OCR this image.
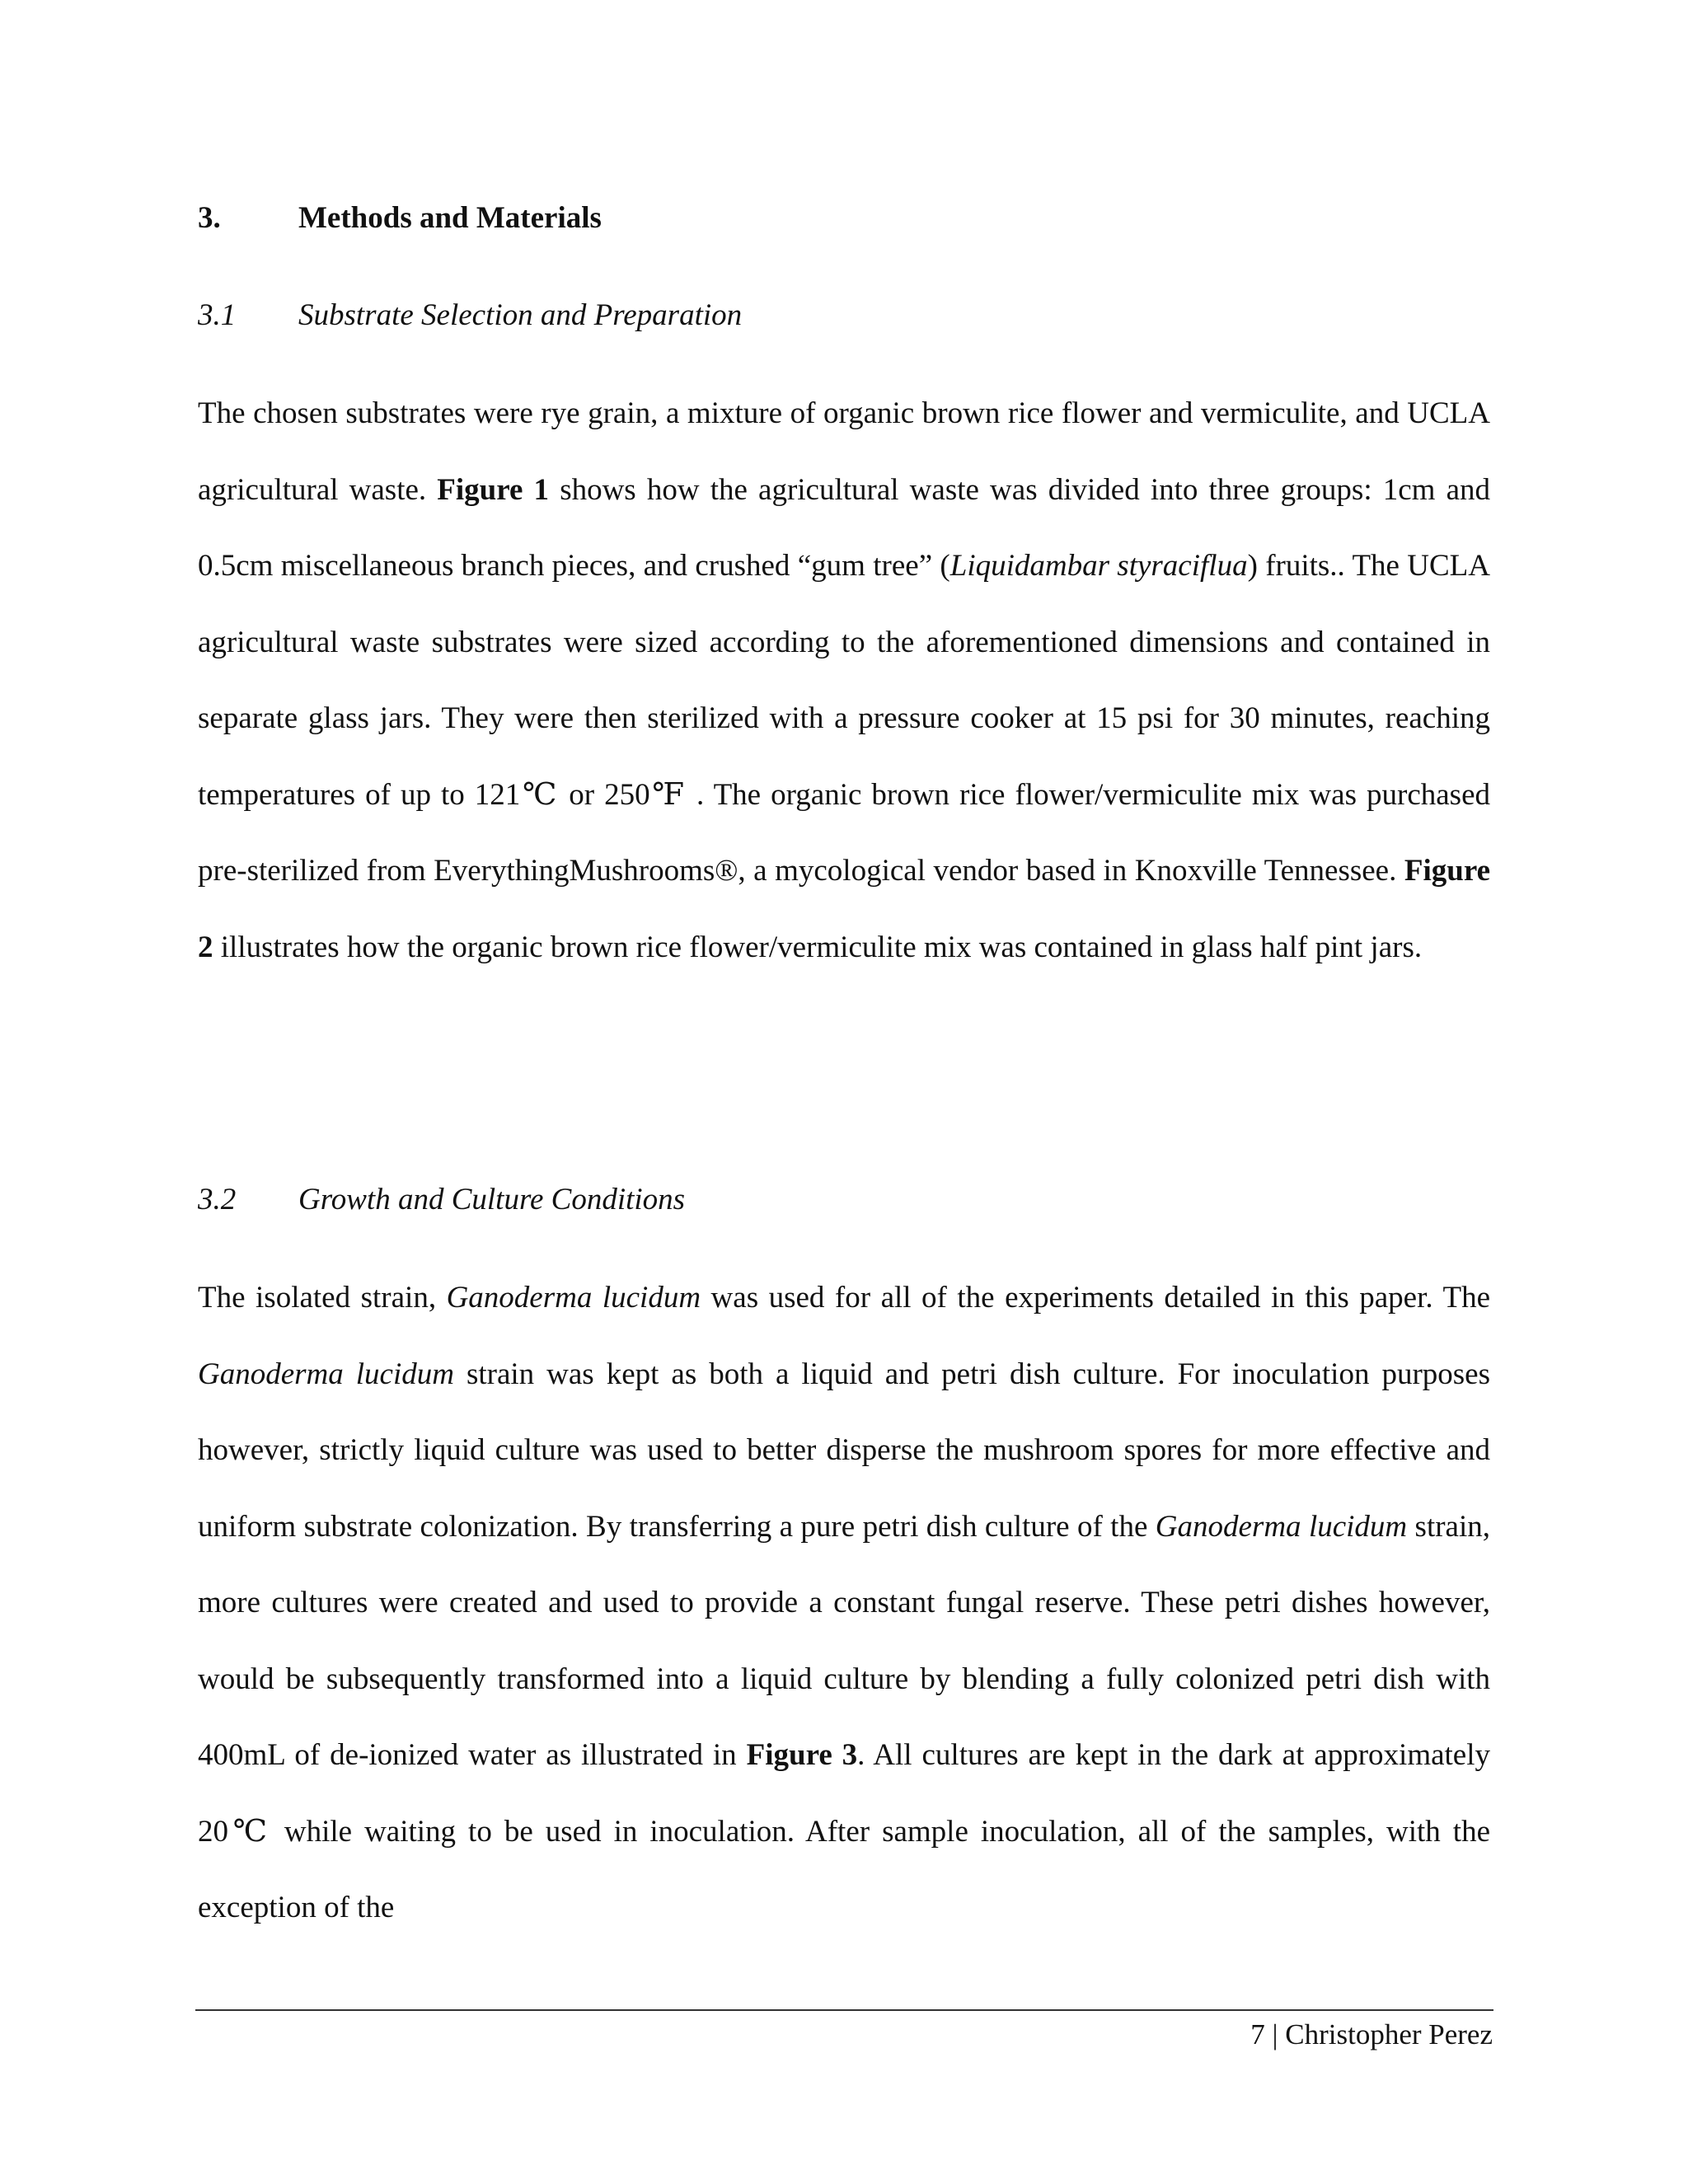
3.	Methods and Materials
3.1 Substrate Selection and Preparation
The chosen substrates were rye grain, a mixture of organic brown rice flower and vermiculite, and UCLA agricultural waste. Figure 1 shows how the agricultural waste was divided into three groups: 1cm and 0.5cm miscellaneous branch pieces, and crushed “gum tree” (Liquidambar styraciflua) fruits.. The UCLA agricultural waste substrates were sized according to the aforementioned dimensions and contained in separate glass jars. They were then sterilized with a pressure cooker at 15 psi for 30 minutes, reaching temperatures of up to 121℃ or 250℉ . The organic brown rice flower/vermiculite mix was purchased pre-sterilized from EverythingMushrooms®, a mycological vendor based in Knoxville Tennessee. Figure 2 illustrates how the organic brown rice flower/vermiculite mix was contained in glass half pint jars.
3.2 Growth and Culture Conditions
The isolated strain, Ganoderma lucidum was used for all of the experiments detailed in this paper. The Ganoderma lucidum strain was kept as both a liquid and petri dish culture. For inoculation purposes however, strictly liquid culture was used to better disperse the mushroom spores for more effective and uniform substrate colonization. By transferring a pure petri dish culture of the Ganoderma lucidum strain, more cultures were created and used to provide a constant fungal reserve. These petri dishes however, would be subsequently transformed into a liquid culture by blending a fully colonized petri dish with 400mL of de-ionized water as illustrated in Figure 3. All cultures are kept in the dark at approximately 20℃ while waiting to be used in inoculation. After sample inoculation, all of the samples, with the exception of the
7 | Christopher Perez
